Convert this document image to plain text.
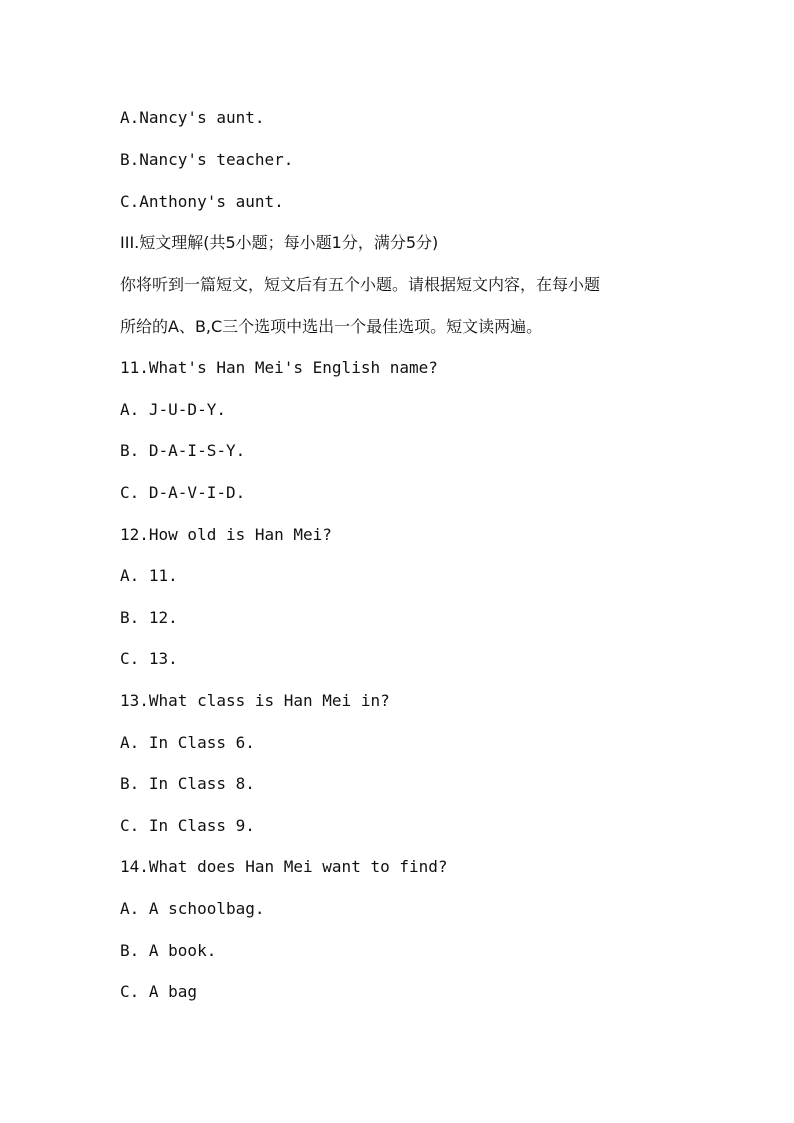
A.Nancy's aunt.
B.Nancy's teacher.
C.Anthony's aunt.
III.短文理解(共5小题；每小题1分，满分5分)
你将听到一篇短文，短文后有五个小题。请根据短文内容，在每小题
所给的A、B,C三个选项中选出一个最佳选项。短文读两遍。
11.What's Han Mei's English name?
A. J-U-D-Y.
B. D-A-I-S-Y.
C. D-A-V-I-D.
12.How old is Han Mei?
A. 11.
B. 12.
C. 13.
13.What class is Han Mei in?
A. In Class 6.
B. In Class 8.
C. In Class 9.
14.What does Han Mei want to find?
A. A schoolbag.
B. A book.
C. A bag
